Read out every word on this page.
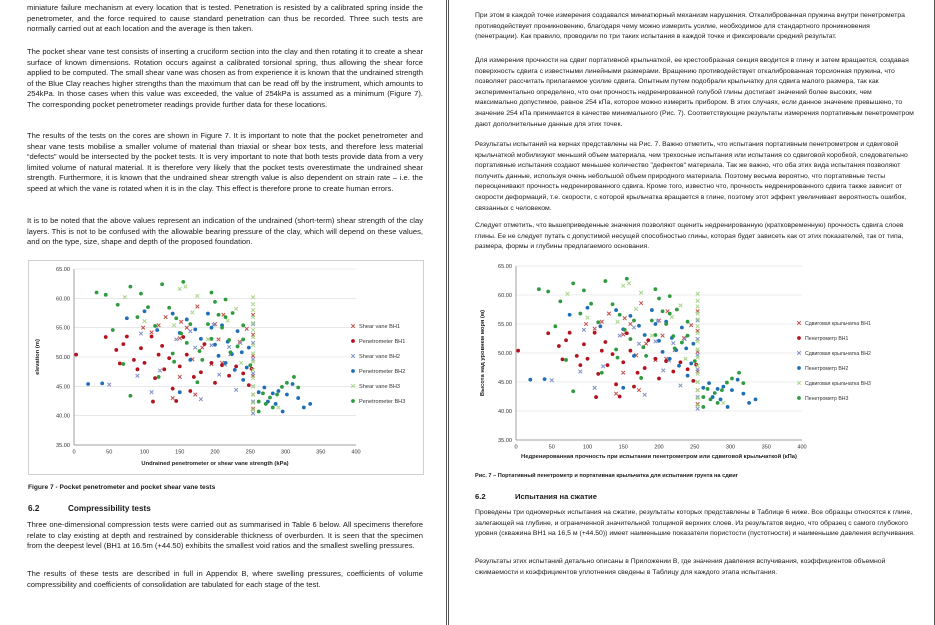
miniature failure mechanism at every location that is tested. Penetration is resisted by a calibrated spring inside the penetrometer, and the force required to cause standard penetration can thus be recorded. Three such tests are normally carried out at each location and the average is then taken.

The pocket shear vane test consists of inserting a cruciform section into the clay and then rotating it to create a shear surface of known dimensions. Rotation occurs against a calibrated torsional spring, thus allowing the shear force applied to be computed. The small shear vane was chosen as from experience it is known that the undrained strength of the Blue Clay reaches higher strengths than the maximum that can be read off by the instrument, which amounts to 254kPa. In those cases when this value was exceeded, the value of 254kPa is assumed as a minimum (Figure 7). The corresponding pocket penetrometer readings provide further data for these locations.

The results of the tests on the cores are shown in Figure 7. It is important to note that the pocket penetrometer and shear vane tests mobilise a smaller volume of material than triaxial or shear box tests, and therefore less material “defects” would be intersected by the pocket tests. It is very important to note that both tests provide data from a very limited volume of natural material. It is therefore very likely that the pocket tests overestimate the undrained shear strength. Furthermore, it is known that the undrained shear strength value is also dependent on strain rate – i.e. the speed at which the vane is rotated when it is in the clay. This effect is therefore prone to create human errors.

It is to be noted that the above values represent an indication of the undrained (short-term) shear strength of the clay layers. This is not to be confused with the allowable bearing pressure of the clay, which will depend on these values, and on the type, size, shape and depth of the proposed foundation.

35.00
40.00
45.00
50.00
55.00
60.00
65.00
0	50	100	150	200	250	300	350	400
Undrained penetrometer or shear vane strength (kPa)
elevation (m)
Shear vane BH1
Penetrometer BH1
Shear vane BH2
Penetrometer BH2
Shear vane BH3
Penetrometer BH3

Figure 7 - Pocket penetrometer and pocket shear vane tests

6.2	Compressibility tests

Three one-dimensional compression tests were carried out as summarised in Table 6 below. All specimens therefore relate to clay existing at depth and restrained by considerable thickness of overburden. It is seen that the specimen from the deepest level (BH1 at 16.5m (+44.50) exhibits the smallest void ratios and the smallest swelling pressures.

The results of these tests are described in full in Appendix B, where swelling pressures, coefficients of volume compressibility and coefficients of consolidation are tabulated for each stage of the test.

При этом в каждой точке измерения создавался миниатюрный механизм нарушения. Откалиброванная пружина внутри пенетрометра противодействует проникновению, благодаря чему можно измерить усилие, необходимое для стандартного проникновения (пенетрации). Как правило, проводили по три таких испытания в каждой точке и фиксировали средний результат.

Для измерения прочности на сдвиг портативной крыльчаткой, ее крестообразная секция вводится в глину и затем вращается, создавая поверхность сдвига с известными линейными размерами. Вращению противодействует откалиброванная торсионная пружина, что позволяет рассчитать прилагаемое усилие сдвига. Опытным путем подобрали крыльчатку для сдвига малого размера, так как экспериментально определено, что они прочность недренированной голубой глины достигает значений более высоких, чем максимально допустимое, равное 254 кПа, которое можно измерить прибором. В этих случаях, если данное значение превышено, то значение 254 кПа принимается в качестве минимального (Рис. 7). Соответствующие результаты измерения портативным пенетрометром дают дополнительные данные для этих точек.

Результаты испытаний на кернах представлены на Рис. 7. Важно отметить, что испытания портативным пенетрометром и сдвиговой крыльчаткой мобилизуют меньший объем материала, чем трехосные испытания или испытания со сдвиговой коробкой, следовательно портативные испытания создают меньшее количество "дефектов" материала. Так же важно, что оба этих вида испытания позволяют получить данные, используя очень небольшой объем природного материала. Поэтому весьма вероятно, что портативные тесты переоценивают прочность недренированного сдвига. Кроме того, известно что, прочность недренированного сдвига также зависит от скорости деформаций, т.е. скорости, с которой крыльчатка вращается в глине, поэтому этот эффект увеличивает вероятность ошибок, связанных с человеком.

Следует отметить, что вышеприведенные значения позволяют оценить недренированную (кратковременную) прочность сдвига слоев глины. Ее не следует путать с допустимой несущей способностью глины, которая будет зависеть как от этих показателей, так от типа, размера, формы и глубины предлагаемого основания.

35.00
40.00
45.00
50.00
55.00
60.00
65.00
0	50	100	150	200	250	300	350	400
Недренированная прочность при испытании пенетрометром или сдвиговой крыльчаткой (кПа)
Высота над уровнем моря (м)	Сдвиговая крыльчатка ВН1
Пенетрометр ВН1
Сдвиговая крыльчатка ВН2
Пенетрометр ВН2
Сдвиговая крыльчатка ВН3
Пенетрометр ВН3

Рис. 7 – Портативный пенетрометр и портативная крыльчатка для испытания грунта на сдвиг

6.2	Испытания на сжатие

Проведены три одномерных испытания на сжатие, результаты которых представлены в Таблице 6 ниже. Все образцы относятся к глине, залегающей на глубине, и ограниченной значительной толщиной верхних слоев. Из результатов видно, что образец с самого глубокого уровня (скважина ВН1 на 16,5 м (+44.50)) имеет наименьшие показатели пористости (пустотности) и наименьшие давления вспучивания.

Результаты этих испытаний детально описаны в Приложении В, где значения давления вспучивания, коэффициентов объемной сжимаемости и коэффициентов уплотнения сведены в Таблицу для каждого этапа испытания.
